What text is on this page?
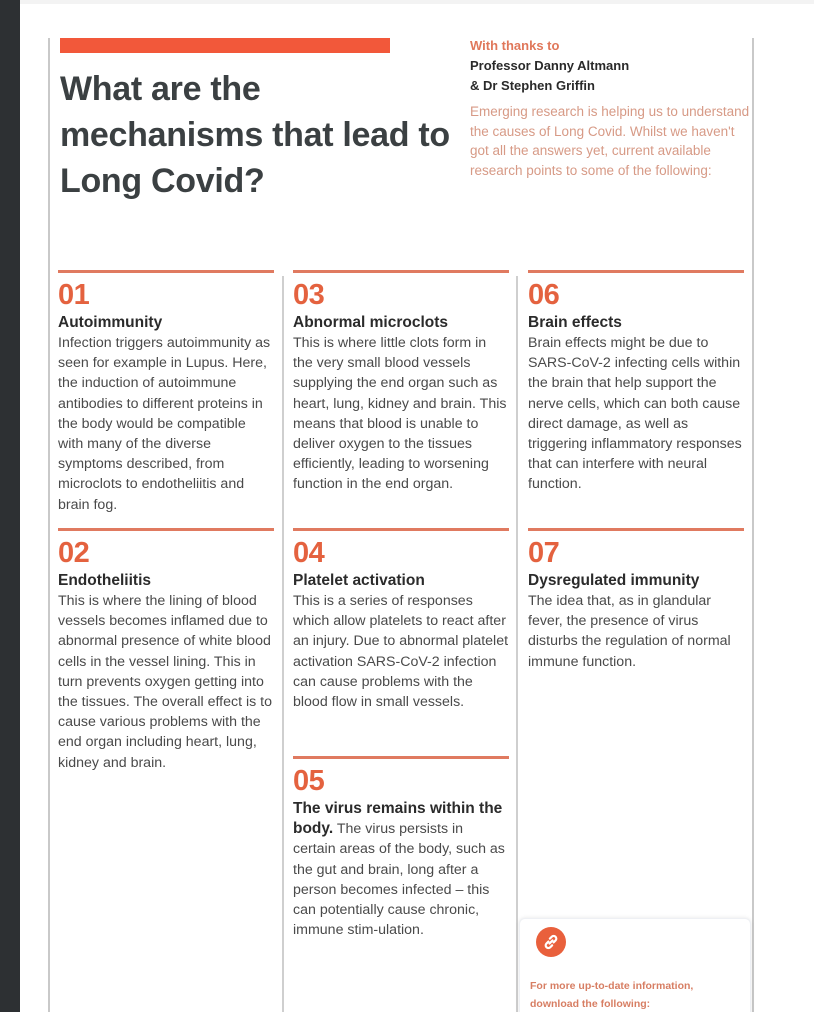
What are the mechanisms that lead to Long Covid?
With thanks to
Professor Danny Altmann
& Dr Stephen Griffin

Emerging research is helping us to understand the causes of Long Covid. Whilst we haven't got all the answers yet, current available research points to some of the following:

01
Autoimmunity

Infection triggers autoimmunity as seen for example in Lupus. Here, the induction of autoimmune antibodies to different proteins in the body would be compatible with many of the diverse symptoms described, from microclots to endotheliitis and brain fog.

02
Endotheliitis

This is where the lining of blood vessels becomes inflamed due to abnormal presence of white blood cells in the vessel lining. This in turn prevents oxygen getting into the tissues. The overall effect is to cause various problems with the end organ including heart, lung, kidney and brain.

03
Abnormal microclots

This is where little clots form in the very small blood vessels supplying the end organ such as heart, lung, kidney and brain. This means that blood is unable to deliver oxygen to the tissues efficiently, leading to worsening function in the end organ.

04
Platelet activation

This is a series of responses which allow platelets to react after an injury. Due to abnormal platelet activation SARS-CoV-2 infection can cause problems with the blood flow in small vessels.

05

The virus remains within the body. The virus persists in certain areas of the body, such as the gut and brain, long after a person becomes infected – this can potentially cause chronic, immune stim-ulation.

06
Brain effects

Brain effects might be due to SARS-CoV-2 infecting cells within the brain that help support the nerve cells, which can both cause direct damage, as well as triggering inflammatory responses that can interfere with neural function.

07
Dysregulated immunity

The idea that, as in glandular fever, the presence of virus disturbs the regulation of normal immune function.

For more up-to-date information, download the following:
